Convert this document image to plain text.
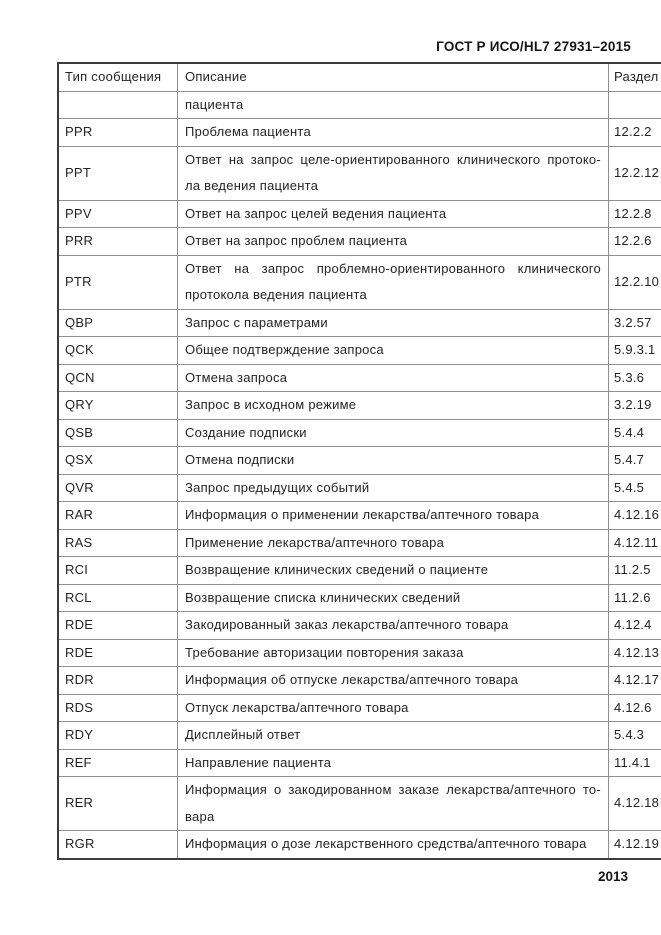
ГОСТ Р ИСО/HL7 27931–2015
Тип сообщения	Описание	Раздел
	пациента	
PPR	Проблема пациента	12.2.2
PPT	Ответ на запрос целе-ориентированного клинического протоко-
ла ведения пациента	12.2.12
PPV	Ответ на запрос целей ведения пациента	12.2.8
PRR	Ответ на запрос проблем пациента	12.2.6
PTR	Ответ на запрос проблемно-ориентированного клинического
протокола ведения пациента	12.2.10
QBP	Запрос с параметрами	3.2.57
QCK	Общее подтверждение запроса	5.9.3.1
QCN	Отмена запроса	5.3.6
QRY	Запрос в исходном режиме	3.2.19
QSB	Создание подписки	5.4.4
QSX	Отмена подписки	5.4.7
QVR	Запрос предыдущих событий	5.4.5
RAR	Информация о применении лекарства/аптечного товара	4.12.16
RAS	Применение лекарства/аптечного товара	4.12.11
RCI	Возвращение клинических сведений о пациенте	11.2.5
RCL	Возвращение списка клинических сведений	11.2.6
RDE	Закодированный заказ лекарства/аптечного товара	4.12.4
RDE	Требование авторизации повторения заказа	4.12.13
RDR	Информация об отпуске лекарства/аптечного товара	4.12.17
RDS	Отпуск лекарства/аптечного товара	4.12.6
RDY	Дисплейный ответ	5.4.3
REF	Направление пациента	11.4.1
RER	Информация о закодированном заказе лекарства/аптечного то-
вара	4.12.18
RGR	Информация о дозе лекарственного средства/аптечного товара	4.12.19
2013
